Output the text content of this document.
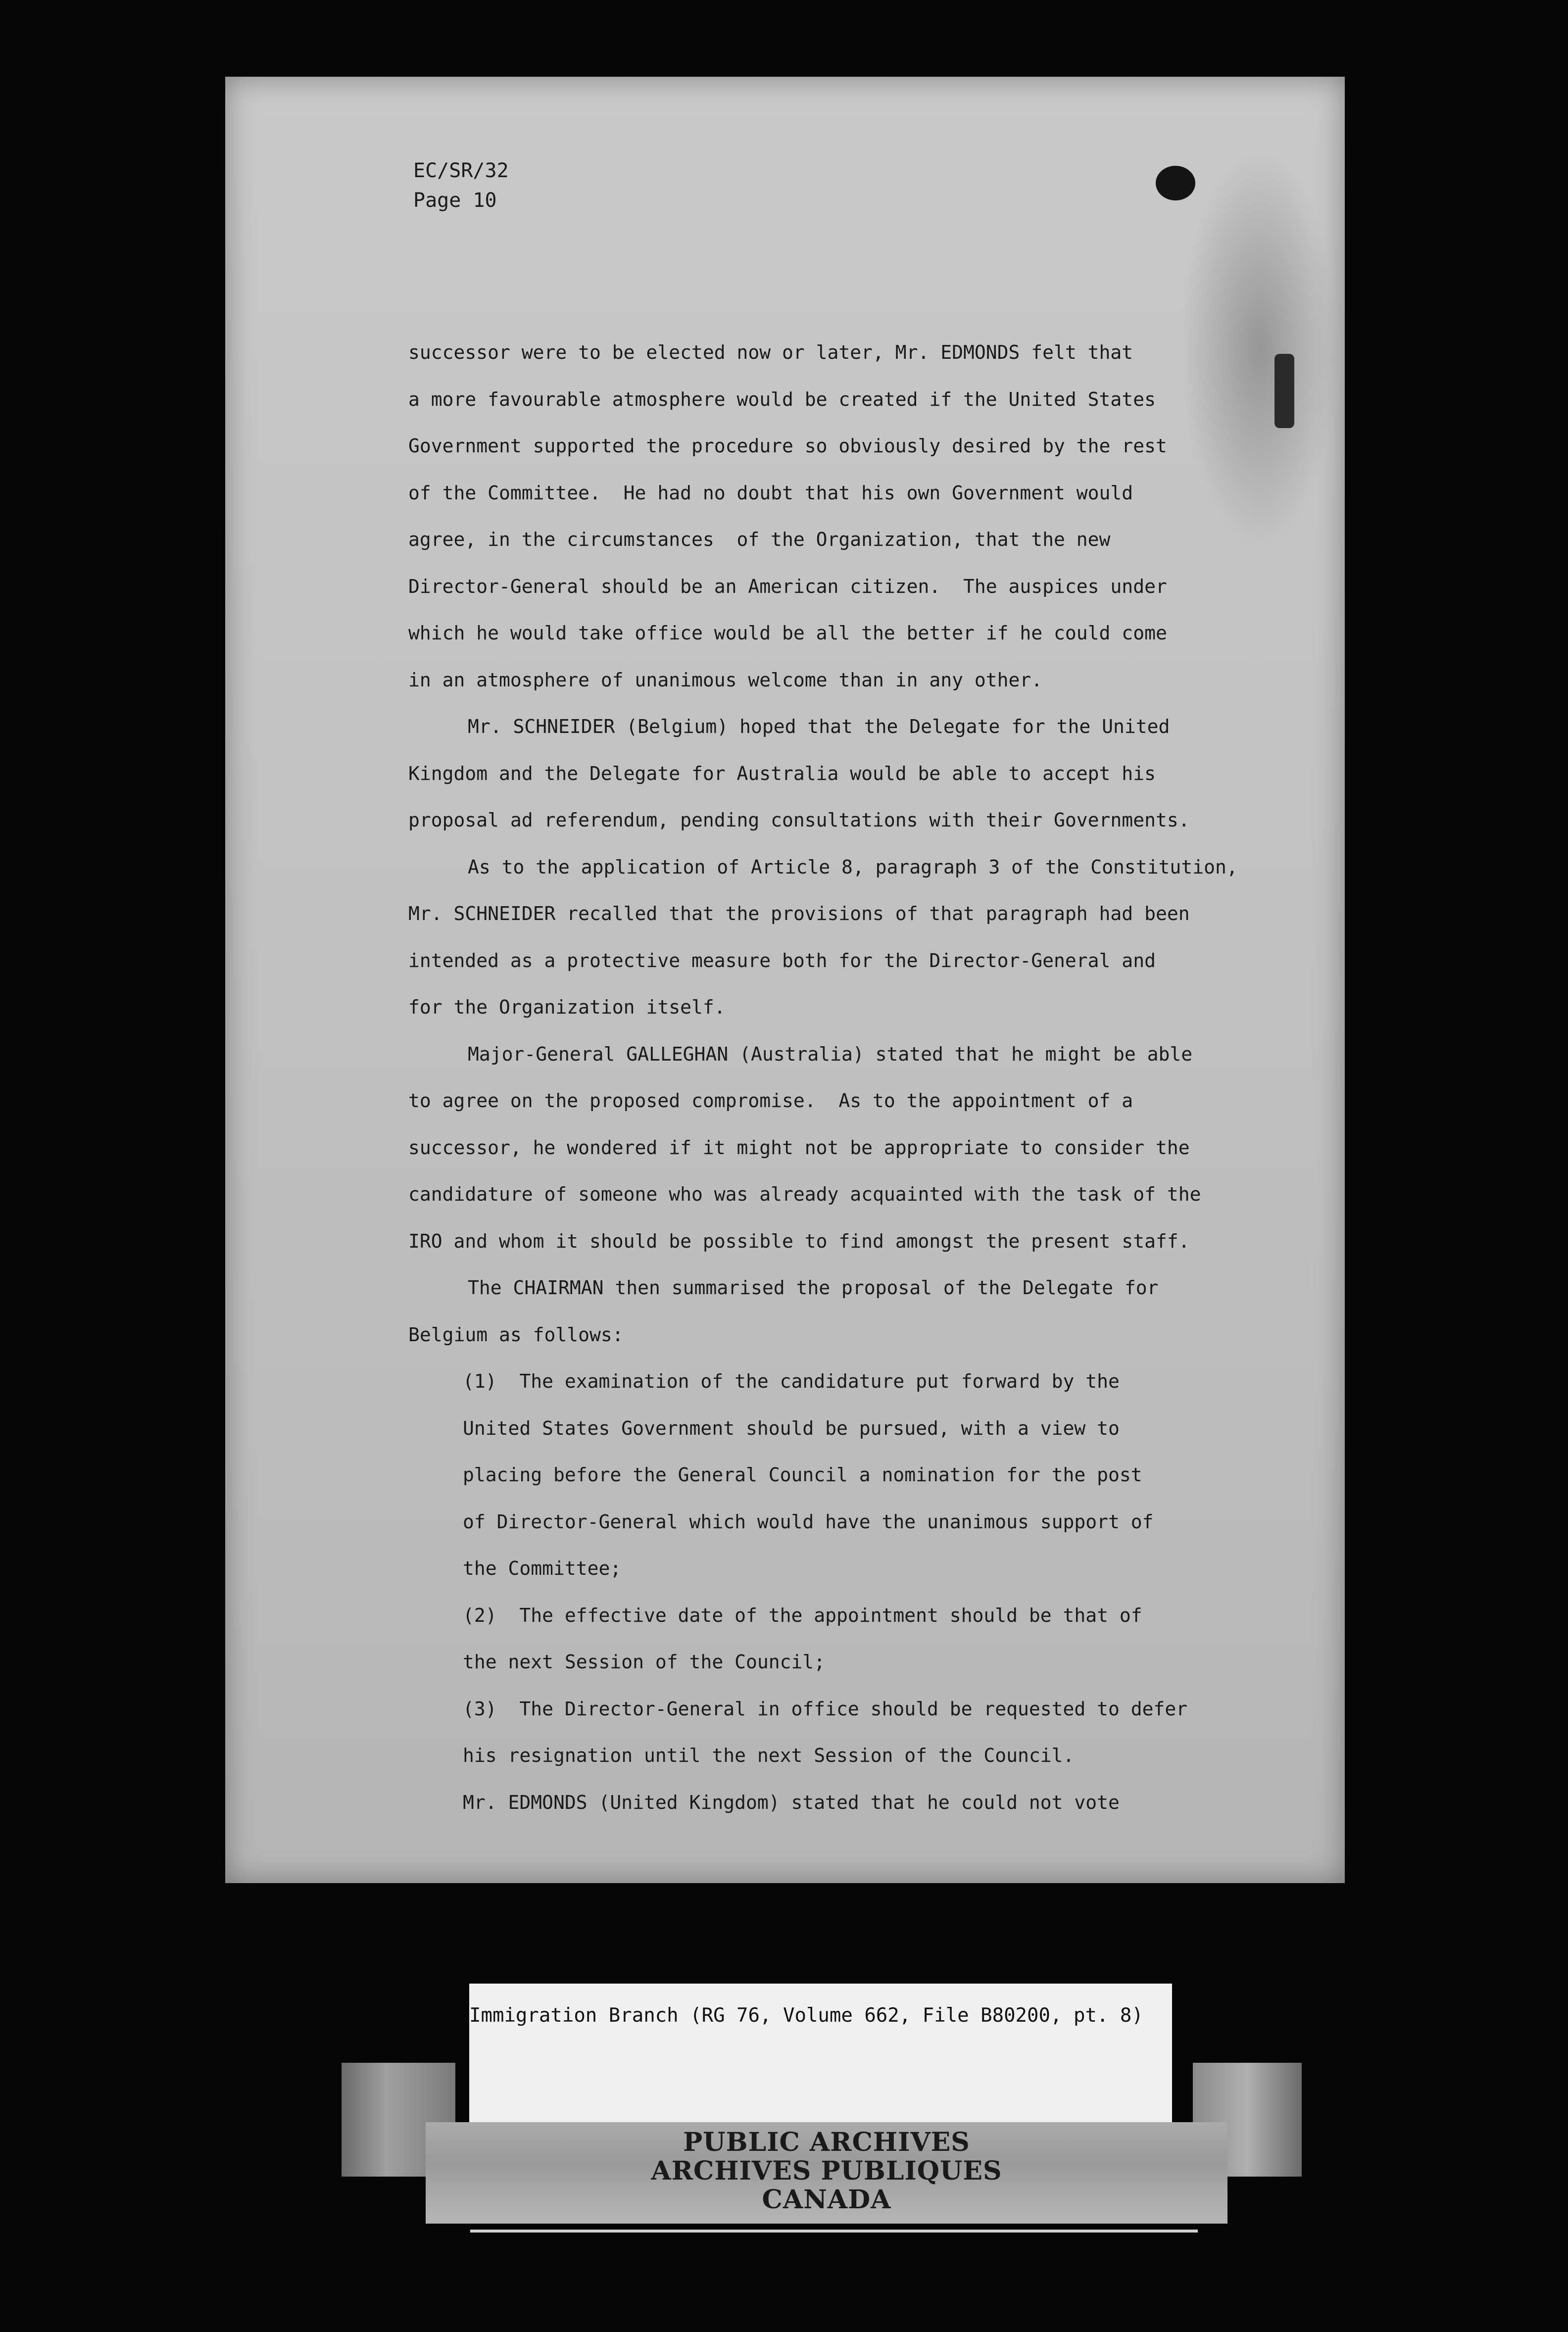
EC/SR/32
Page 10
successor were to be elected now or later, Mr. EDMONDS felt that
a more favourable atmosphere would be created if the United States
Government supported the procedure so obviously desired by the rest
of the Committee.  He had no doubt that his own Government would
agree, in the circumstances  of the Organization, that the new
Director-General should be an American citizen.  The auspices under
which he would take office would be all the better if he could come
in an atmosphere of unanimous welcome than in any other.
Mr. SCHNEIDER (Belgium) hoped that the Delegate for the United
Kingdom and the Delegate for Australia would be able to accept his
proposal ad referendum, pending consultations with their Governments.
As to the application of Article 8, paragraph 3 of the Constitution,
Mr. SCHNEIDER recalled that the provisions of that paragraph had been
intended as a protective measure both for the Director-General and
for the Organization itself.
Major-General GALLEGHAN (Australia) stated that he might be able
to agree on the proposed compromise.  As to the appointment of a
successor, he wondered if it might not be appropriate to consider the
candidature of someone who was already acquainted with the task of the
IRO and whom it should be possible to find amongst the present staff.
The CHAIRMAN then summarised the proposal of the Delegate for
Belgium as follows:
(1)  The examination of the candidature put forward by the
United States Government should be pursued, with a view to
placing before the General Council a nomination for the post
of Director-General which would have the unanimous support of
the Committee;
(2)  The effective date of the appointment should be that of
the next Session of the Council;
(3)  The Director-General in office should be requested to defer
his resignation until the next Session of the Council.
Mr. EDMONDS (United Kingdom) stated that he could not vote
Immigration Branch (RG 76, Volume 662, File B80200, pt. 8)
PUBLIC ARCHIVES
ARCHIVES PUBLIQUES
CANADA
